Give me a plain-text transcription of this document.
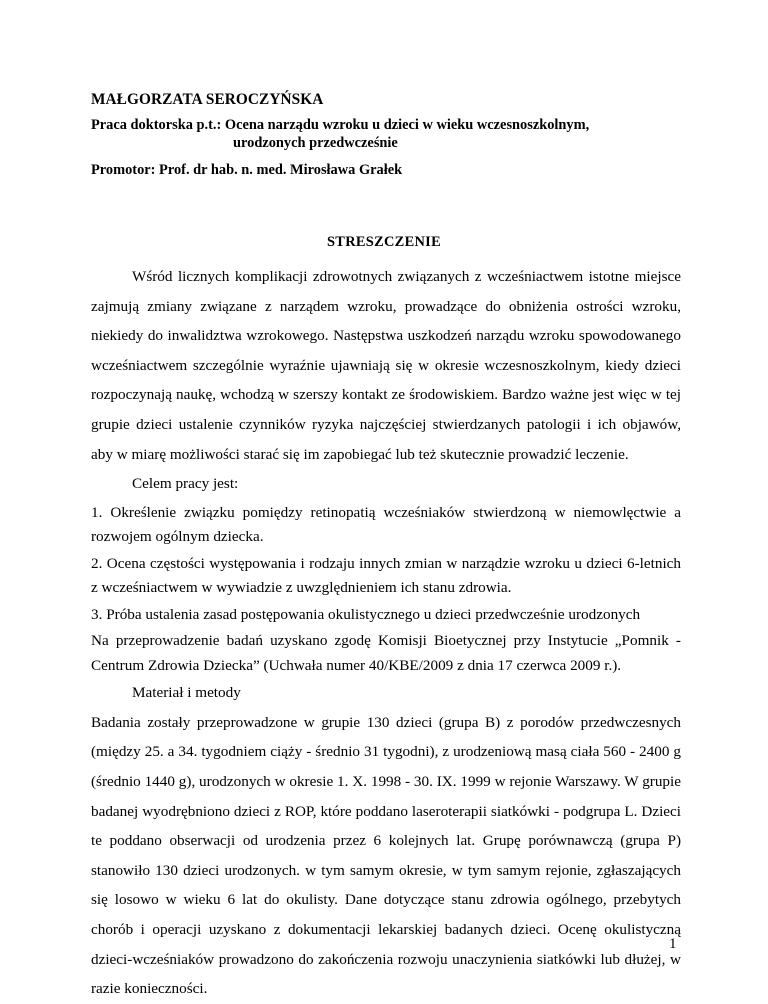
MAŁGORZATA SEROCZYŃSKA
Praca doktorska p.t.: Ocena narządu wzroku u dzieci w wieku wczesnoszkolnym,
urodzonych przedwcześnie
Promotor: Prof. dr hab. n. med. Mirosława Grałek
STRESZCZENIE

Wśród licznych komplikacji zdrowotnych związanych z wcześniactwem istotne miejsce zajmują zmiany związane z narządem wzroku, prowadzące do obniżenia ostrości wzroku, niekiedy do inwalidztwa wzrokowego. Następstwa uszkodzeń narządu wzroku spowodowanego wcześniactwem szczególnie wyraźnie ujawniają się w okresie wczesnoszkolnym, kiedy dzieci rozpoczynają naukę, wchodzą w szerszy kontakt ze środowiskiem. Bardzo ważne jest więc w tej grupie dzieci ustalenie czynników ryzyka najczęściej stwierdzanych patologii i ich objawów, aby w miarę możliwości starać się im zapobiegać lub też skutecznie prowadzić leczenie.

Celem pracy jest:

1. Określenie związku pomiędzy retinopatią wcześniaków stwierdzoną w niemowlęctwie a rozwojem ogólnym dziecka.

2. Ocena częstości występowania i rodzaju innych zmian w narządzie wzroku u dzieci 6-letnich z wcześniactwem w wywiadzie z uwzględnieniem ich stanu zdrowia.

3. Próba ustalenia zasad postępowania okulistycznego u dzieci przedwcześnie urodzonych

Na przeprowadzenie badań uzyskano zgodę Komisji Bioetycznej przy Instytucie „Pomnik - Centrum Zdrowia Dziecka” (Uchwała numer 40/KBE/2009 z dnia 17 czerwca 2009 r.).

Materiał i metody

Badania zostały przeprowadzone w grupie 130 dzieci (grupa B) z porodów przedwczesnych (między 25. a 34. tygodniem ciąży - średnio 31 tygodni), z urodzeniową masą ciała 560 - 2400 g (średnio 1440 g), urodzonych w okresie 1. X. 1998 - 30. IX. 1999 w rejonie Warszawy. W grupie badanej wyodrębniono dzieci z ROP, które poddano laseroterapii siatkówki - podgrupa L. Dzieci te poddano obserwacji od urodzenia przez 6 kolejnych lat. Grupę porównawczą (grupa P) stanowiło 130 dzieci urodzonych. w tym samym okresie, w tym samym rejonie, zgłaszających się losowo w wieku 6 lat do okulisty. Dane dotyczące stanu zdrowia ogólnego, przebytych chorób i operacji uzyskano z dokumentacji lekarskiej badanych dzieci. Ocenę okulistyczną dzieci-wcześniaków prowadzono do zakończenia rozwoju unaczynienia siatkówki lub dłużej, w razie konieczności.

1
